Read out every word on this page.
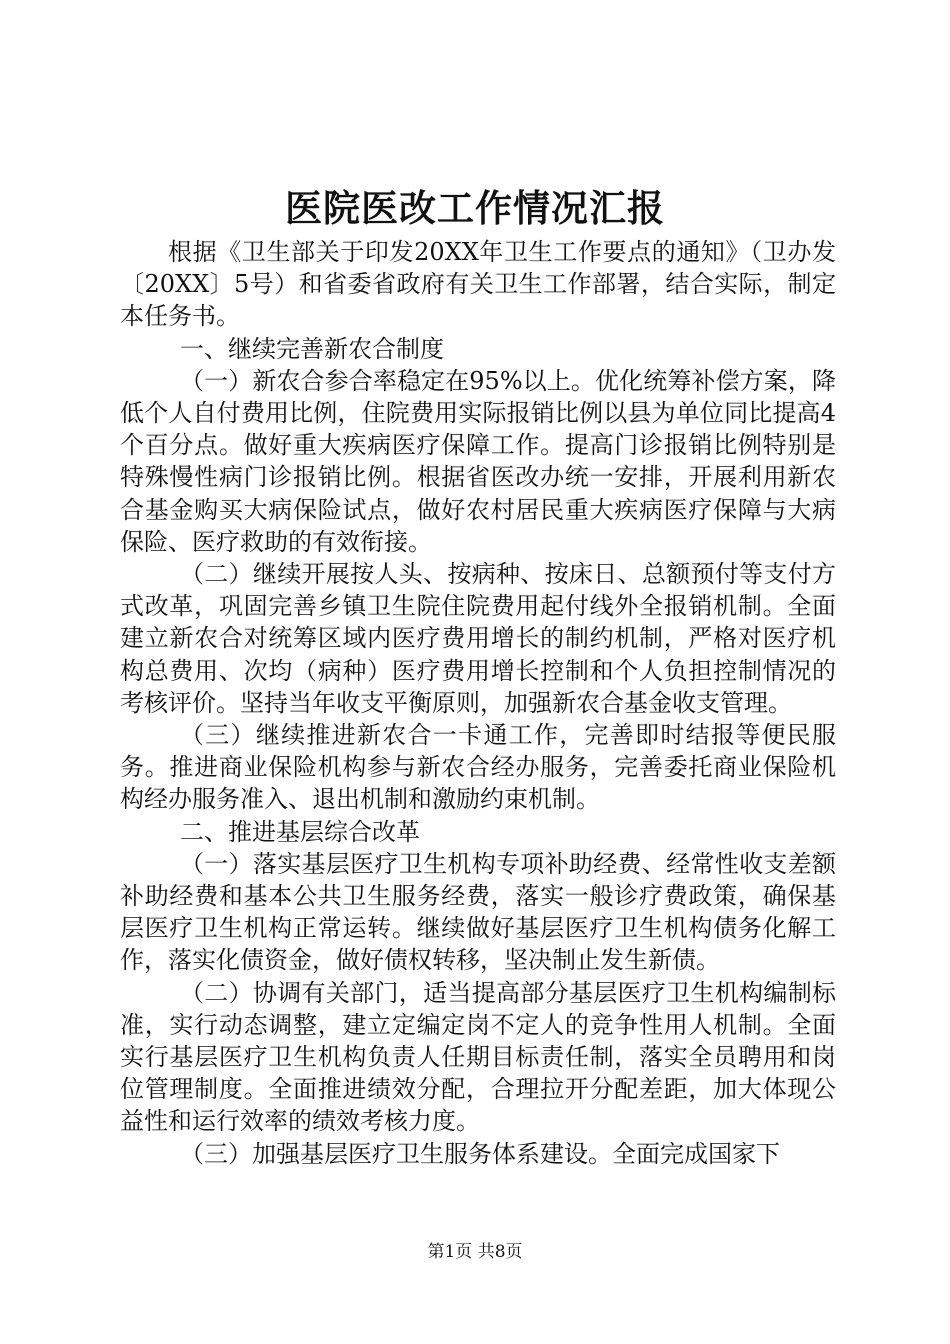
医院医改工作情况汇报

根据《卫生部关于印发20XX年卫生工作要点的通知》（卫办发〔20XX〕5号）和省委省政府有关卫生工作部署，结合实际，制定本任务书。

一、继续完善新农合制度

（一）新农合参合率稳定在95%以上。优化统筹补偿方案，降低个人自付费用比例，住院费用实际报销比例以县为单位同比提高4个百分点。做好重大疾病医疗保障工作。提高门诊报销比例特别是特殊慢性病门诊报销比例。根据省医改办统一安排，开展利用新农合基金购买大病保险试点，做好农村居民重大疾病医疗保障与大病保险、医疗救助的有效衔接。

（二）继续开展按人头、按病种、按床日、总额预付等支付方式改革，巩固完善乡镇卫生院住院费用起付线外全报销机制。全面建立新农合对统筹区域内医疗费用增长的制约机制，严格对医疗机构总费用、次均（病种）医疗费用增长控制和个人负担控制情况的考核评价。坚持当年收支平衡原则，加强新农合基金收支管理。

（三）继续推进新农合一卡通工作，完善即时结报等便民服务。推进商业保险机构参与新农合经办服务，完善委托商业保险机构经办服务准入、退出机制和激励约束机制。

二、推进基层综合改革

（一）落实基层医疗卫生机构专项补助经费、经常性收支差额补助经费和基本公共卫生服务经费，落实一般诊疗费政策，确保基层医疗卫生机构正常运转。继续做好基层医疗卫生机构债务化解工作，落实化债资金，做好债权转移，坚决制止发生新债。

（二）协调有关部门，适当提高部分基层医疗卫生机构编制标准，实行动态调整，建立定编定岗不定人的竞争性用人机制。全面实行基层医疗卫生机构负责人任期目标责任制，落实全员聘用和岗位管理制度。全面推进绩效分配，合理拉开分配差距，加大体现公益性和运行效率的绩效考核力度。

（三）加强基层医疗卫生服务体系建设。全面完成国家下

第1页 共8页
